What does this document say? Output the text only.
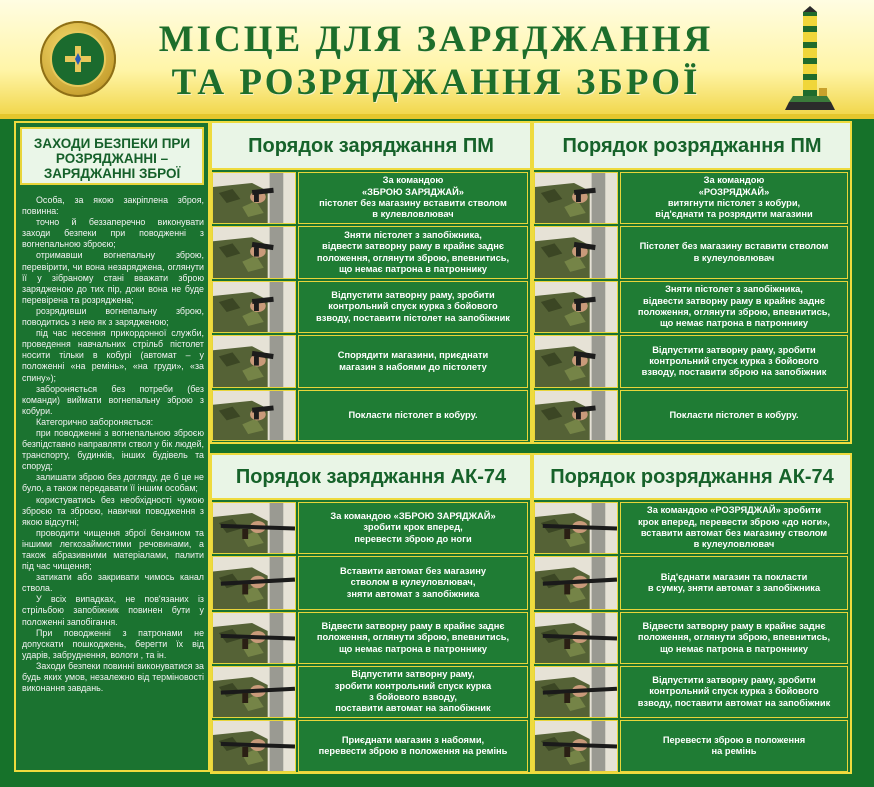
МІСЦЕ ДЛЯ ЗАРЯДЖАННЯ
ТА РОЗРЯДЖАННЯ ЗБРОЇ
ЗАХОДИ БЕЗПЕКИ ПРИ РОЗРЯДЖАННІ – ЗАРЯДЖАННІ ЗБРОЇ

Особа, за якою закріплена зброя, повинна:

точно й беззаперечно виконувати заходи безпеки при поводженні з вогнепальною зброєю;

отримавши вогнепальну зброю, перевірити, чи вона незаряджена, оглянути її у зібраному стані вважати зброю зарядженою до тих пір, доки вона не буде перевірена та розряджена;

розрядивши вогнепальну зброю, поводитись з нею як з зарядженою;

під час несення прикордонної служби, проведення навчальних стрільб пістолет носити тільки в кобурі (автомат – у положенні «на ремінь», «на груди», «за спину»);

забороняється без потреби (без команди) виймати вогнепальну зброю з кобури.

Категорично забороняється:

при поводженні з вогнепальною зброєю безпідставно направляти ствол у бік людей, транспорту, будинків, інших будівель та споруд;

залишати зброю без догляду, де б це не було, а також передавати її іншим особам;

користуватись без необхідності чужою зброєю та зброєю, навички поводження з якою відсутні;

проводити чищення зброї бензином та іншими легкозаймистими речовинами, а також абразивними матеріалами, палити під час чищення;

затикати або закривати чимось канал ствола.

У всіх випадках, не пов'язаних із стрільбою запобіжник повинен бути у положенні запобігання.

При поводженні з патронами не допускати пошкоджень, берегти їх від ударів, забруднення, вологи , та ін.

Заходи безпеки повинні виконуватися за будь яких умов, незалежно від терміновості виконання завдань.

Порядок заряджання ПМ
За командою
«ЗБРОЮ ЗАРЯДЖАЙ»
пістолет без магазину вставити стволом
в кулевловлювач
Зняти пістолет з запобіжника,
відвести затворну раму в крайнє заднє
положення, оглянути зброю, впевнитись,
що немає патрона в патроннику
Відпустити затворну раму, зробити
контрольний спуск курка з бойового
взводу, поставити пістолет на запобіжник
Спорядити магазини, приєднати
магазин з набоями до пістолету
Покласти пістолет в кобуру.
Порядок розряджання ПМ
За командою
«РОЗРЯДЖАЙ»
витягнути пістолет з кобури,
від'єднати та розрядити магазини
Пістолет без магазину вставити стволом
в кулеуловлювач
Зняти пістолет з запобіжника,
відвести затворну раму в крайнє заднє
положення, оглянути зброю, впевнитись,
що немає патрона в патроннику
Відпустити затворну раму, зробити
контрольний спуск курка з бойового
взводу, поставити зброю на запобіжник
Покласти пістолет в кобуру.
Порядок заряджання АК-74
За командою «ЗБРОЮ ЗАРЯДЖАЙ»
зробити крок вперед,
перевести зброю до ноги
Вставити автомат без магазину
стволом в кулеуловлювач,
зняти автомат з запобіжника
Відвести затворну раму в крайнє заднє
положення, оглянути зброю, впевнитись,
що немає патрона в патроннику
Відпустити затворну раму,
зробити контрольний спуск курка
з бойового взводу,
поставити автомат на запобіжник
Приєднати магазин з набоями,
перевести зброю в положення на ремінь
Порядок розряджання АК-74
За командою «РОЗРЯДЖАЙ» зробити
крок вперед, перевести зброю «до ноги»,
вставити автомат без магазину стволом
в кулеуловлювач
Від'єднати магазин та покласти
в сумку, зняти автомат з запобіжника
Відвести затворну раму в крайнє заднє
положення, оглянути зброю, впевнитись,
що немає патрона в патроннику
Відпустити затворну раму, зробити
контрольний спуск курка з бойового
взводу, поставити автомат на запобіжник
Перевести зброю в положення
на ремінь
